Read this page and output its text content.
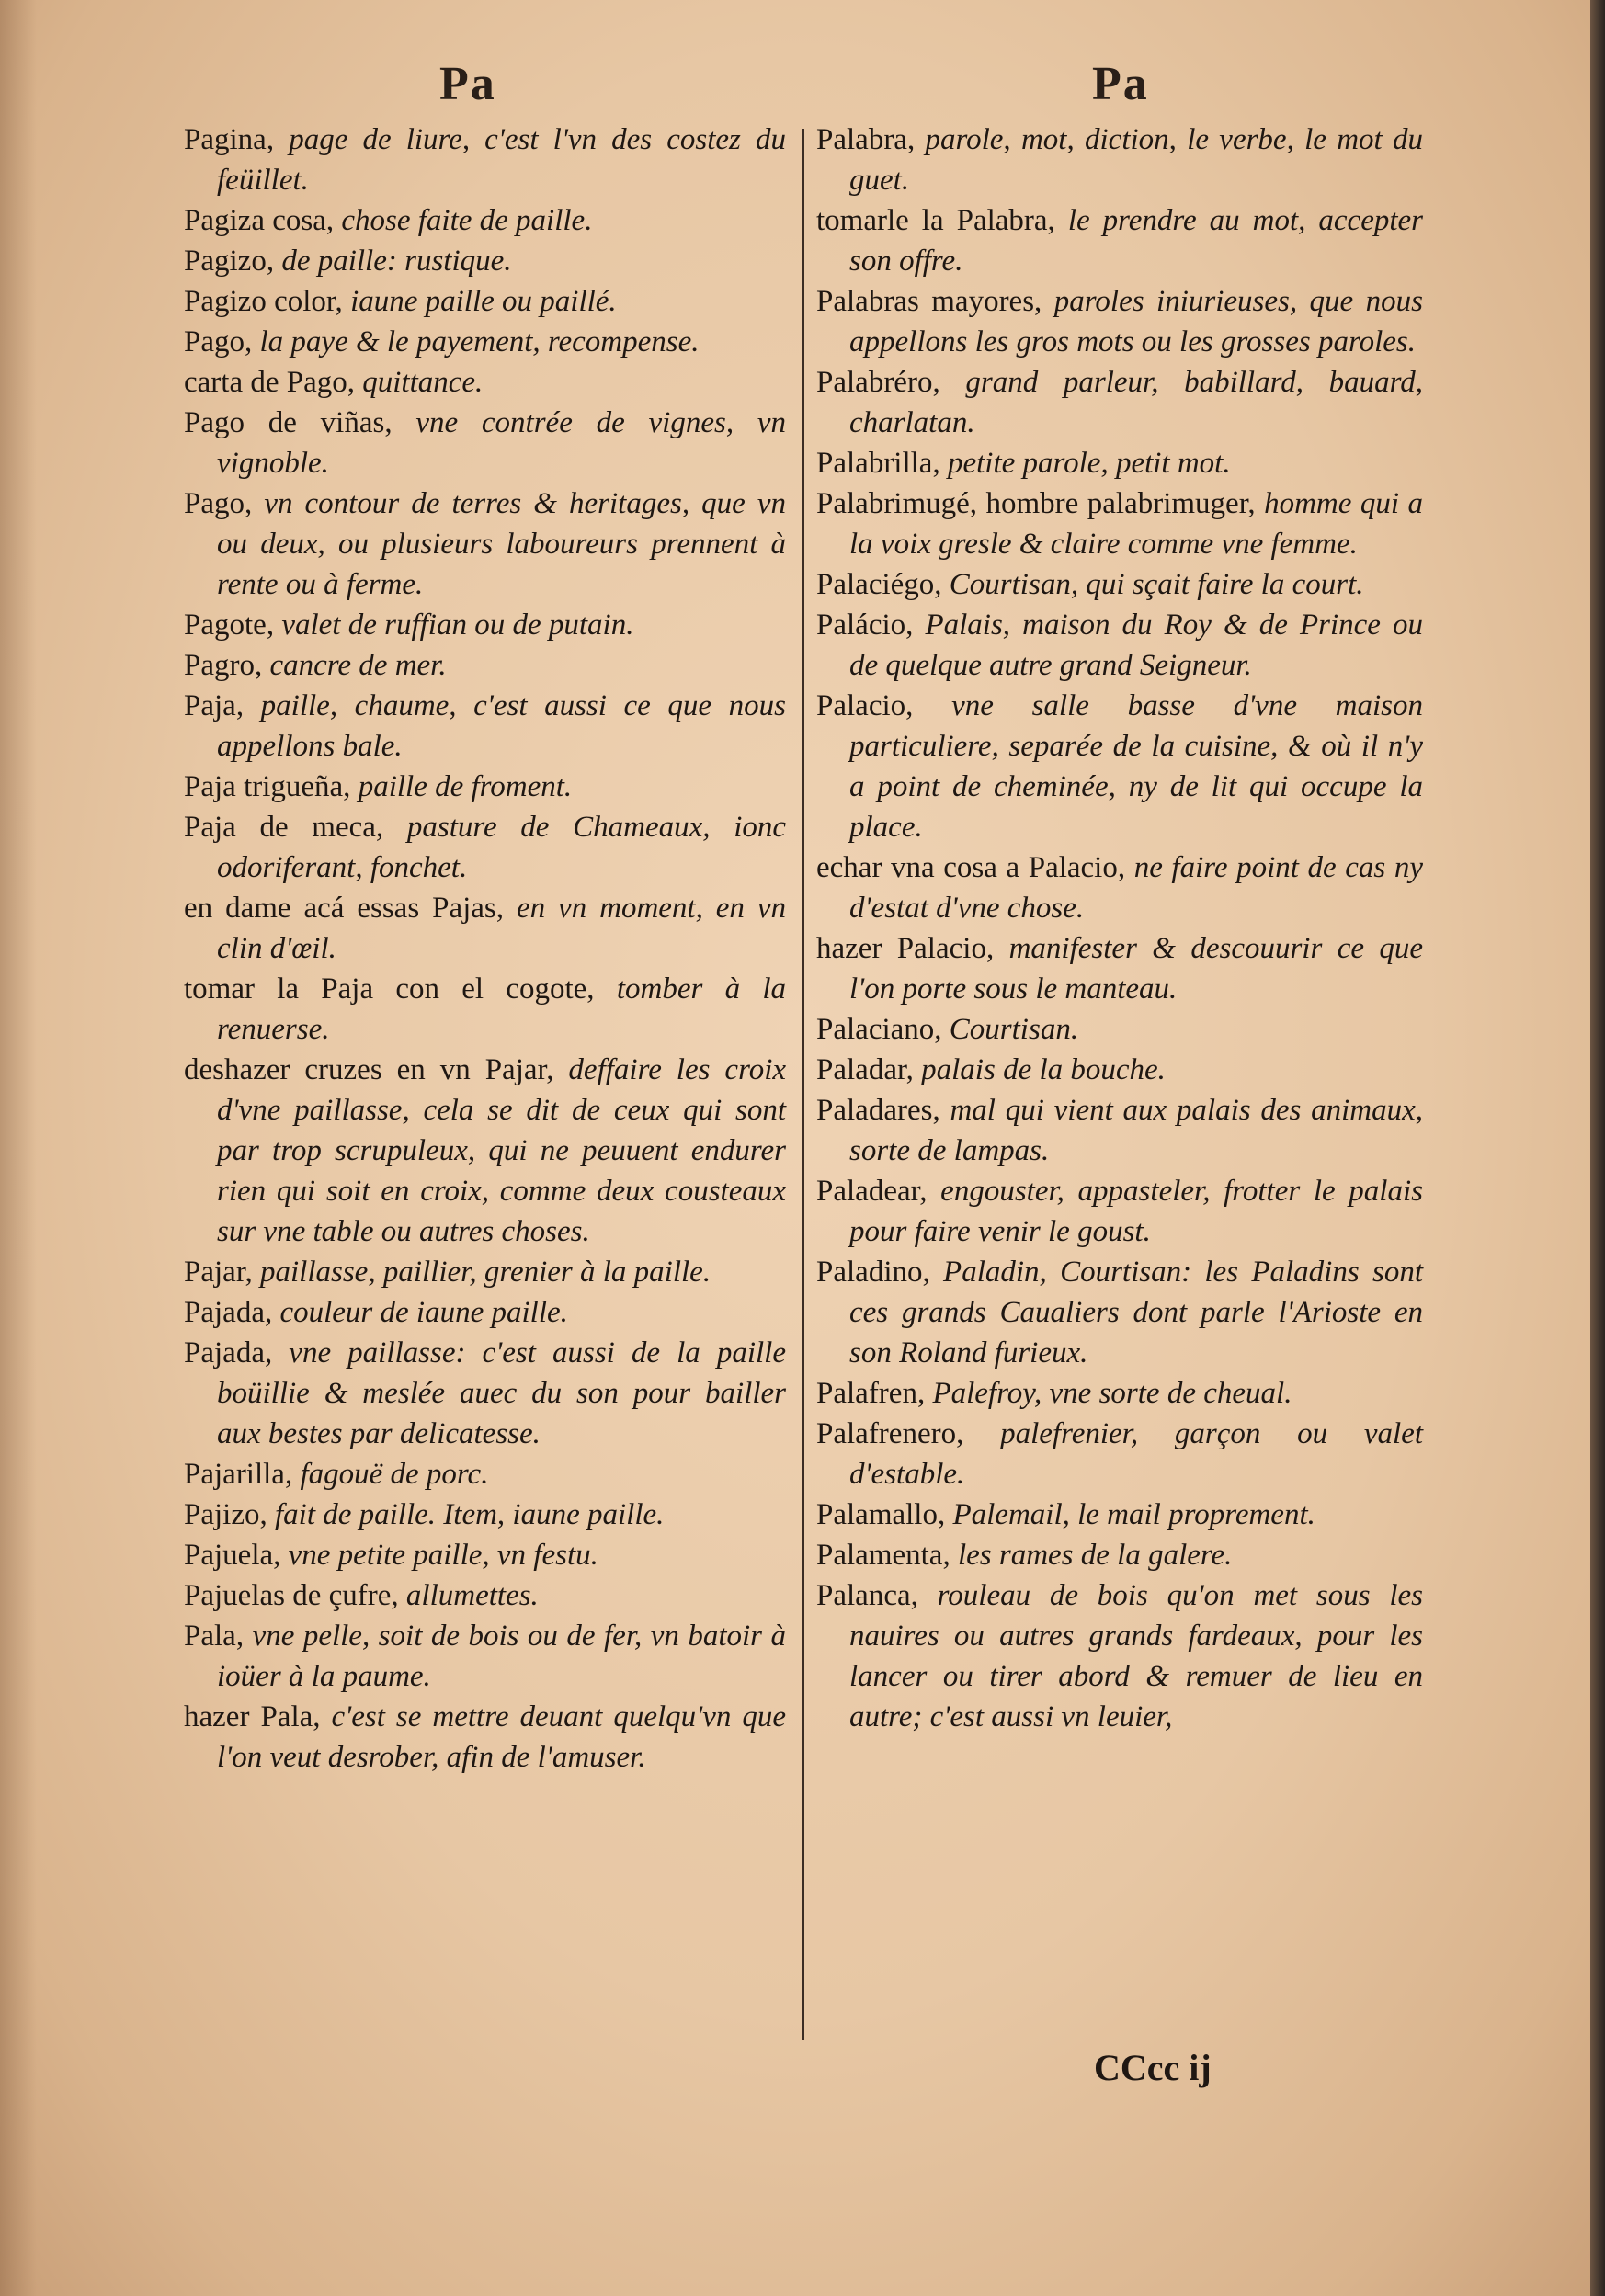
Pa	Pa
Pagina, page de liure, c'est l'vn des costez du feüillet.
Pagiza cosa, chose faite de paille.
Pagizo, de paille: rustique.
Pagizo color, iaune paille ou paillé.
Pago, la paye & le payement, recompense.
carta de Pago, quittance.
Pago de viñas, vne contrée de vignes, vn vignoble.
Pago, vn contour de terres & heritages, que vn ou deux, ou plusieurs laboureurs prennent à rente ou à ferme.
Pagote, valet de ruffian ou de putain.
Pagro, cancre de mer.
Paja, paille, chaume, c'est aussi ce que nous appellons bale.
Paja trigueña, paille de froment.
Paja de meca, pasture de Chameaux, ionc odoriferant, fonchet.
en dame acá essas Pajas, en vn moment, en vn clin d'œil.
tomar la Paja con el cogote, tomber à la renuerse.
deshazer cruzes en vn Pajar, deffaire les croix d'vne paillasse, cela se dit de ceux qui sont par trop scrupuleux, qui ne peuuent endurer rien qui soit en croix, comme deux cousteaux sur vne table ou autres choses.
Pajar, paillasse, paillier, grenier à la paille.
Pajada, couleur de iaune paille.
Pajada, vne paillasse: c'est aussi de la paille boüillie & meslée auec du son pour bailler aux bestes par delicatesse.
Pajarilla, fagouë de porc.
Pajizo, fait de paille. Item, iaune paille.
Pajuela, vne petite paille, vn festu.
Pajuelas de çufre, allumettes.
Pala, vne pelle, soit de bois ou de fer, vn batoir à ioüer à la paume.
hazer Pala, c'est se mettre deuant quelqu'vn que l'on veut desrober, afin de l'amuser.
Palabra, parole, mot, diction, le verbe, le mot du guet.
tomarle la Palabra, le prendre au mot, accepter son offre.
Palabras mayores, paroles iniurieuses, que nous appellons les gros mots ou les grosses paroles.
Palabréro, grand parleur, babillard, bauard, charlatan.
Palabrilla, petite parole, petit mot.
Palabrimugé, hombre palabrimuger, homme qui a la voix gresle & claire comme vne femme.
Palaciégo, Courtisan, qui sçait faire la court.
Palácio, Palais, maison du Roy & de Prince ou de quelque autre grand Seigneur.
Palacio, vne salle basse d'vne maison particuliere, separée de la cuisine, & où il n'y a point de cheminée, ny de lit qui occupe la place.
echar vna cosa a Palacio, ne faire point de cas ny d'estat d'vne chose.
hazer Palacio, manifester & descouurir ce que l'on porte sous le manteau.
Palaciano, Courtisan.
Paladar, palais de la bouche.
Paladares, mal qui vient aux palais des animaux, sorte de lampas.
Paladear, engouster, appasteler, frotter le palais pour faire venir le goust.
Paladino, Paladin, Courtisan: les Paladins sont ces grands Caualiers dont parle l'Arioste en son Roland furieux.
Palafren, Palefroy, vne sorte de cheual.
Palafrenero, palefrenier, garçon ou valet d'estable.
Palamallo, Palemail, le mail proprement.
Palamenta, les rames de la galere.
Palanca, rouleau de bois qu'on met sous les nauires ou autres grands fardeaux, pour les lancer ou tirer abord & remuer de lieu en autre; c'est aussi vn leuier,
CCcc ij
